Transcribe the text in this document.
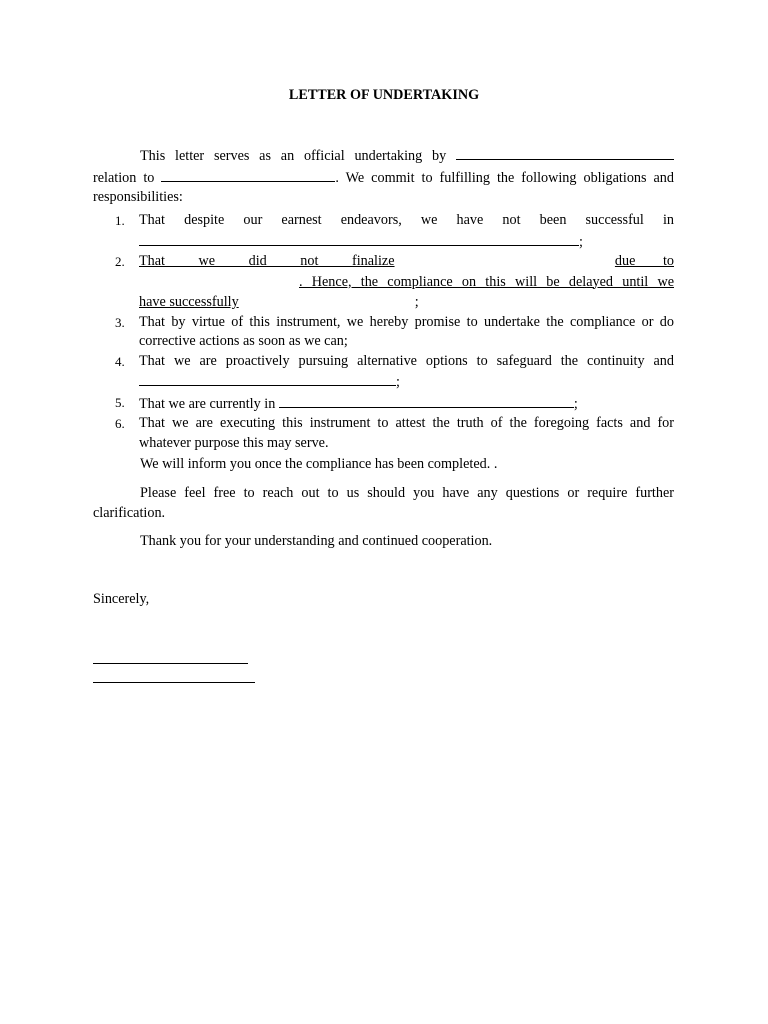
LETTER OF UNDERTAKING
This letter serves as an official undertaking by
relation to	. We commit to fulfilling the following obligations and responsibilities:
1. That despite our earnest endeavors, we have not been successful in
;
2. That we did not finalize	due to
. Hence, the compliance on this will be delayed until we
have successfully	;
3. That by virtue of this instrument, we hereby promise to undertake the compliance or do corrective actions as soon as we can;
4. That we are proactively pursuing alternative options to safeguard the continuity and
;
5. That we are currently in	;
6. That we are executing this instrument to attest the truth of the foregoing facts and for whatever purpose this may serve.
We will inform you once the compliance has been completed. .
Please feel free to reach out to us should you have any questions or require further clarification.
Thank you for your understanding and continued cooperation.
Sincerely,
